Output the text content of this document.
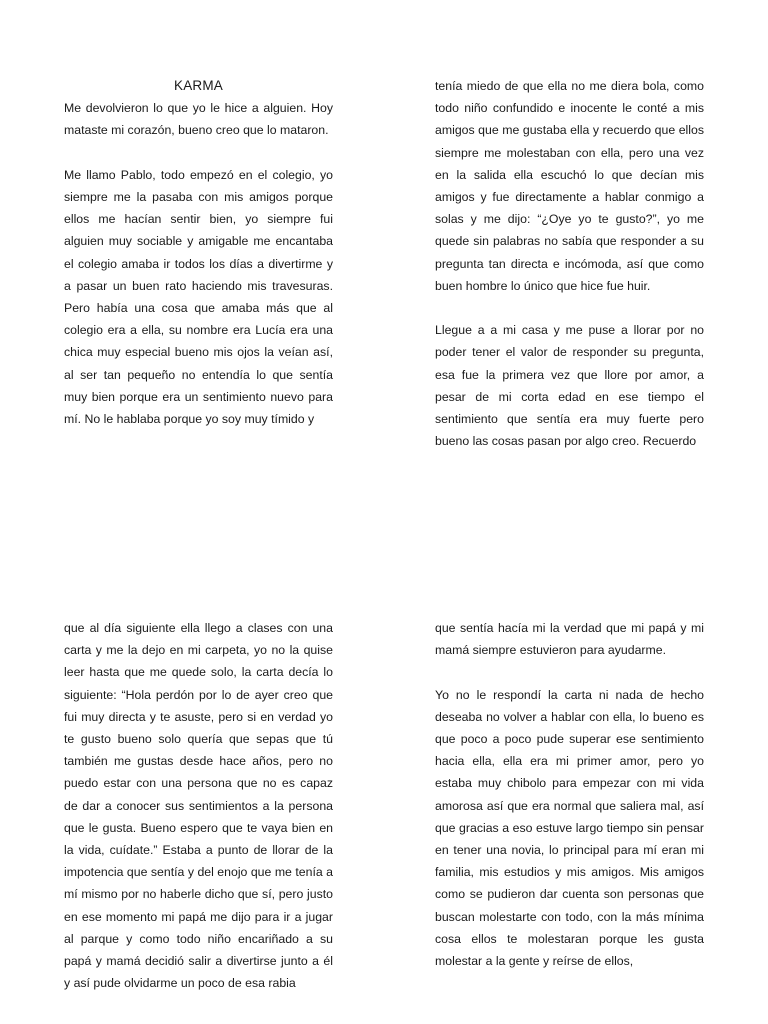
KARMA

Me devolvieron lo que yo le hice a alguien. Hoy mataste mi corazón, bueno creo que lo mataron.

Me llamo Pablo, todo empezó en el colegio, yo siempre me la pasaba con mis amigos porque ellos me hacían sentir bien, yo siempre fui alguien muy sociable y amigable me encantaba el colegio amaba ir todos los días a divertirme y a pasar un buen rato haciendo mis travesuras. Pero había una cosa que amaba más que al colegio era a ella, su nombre era Lucía era una chica muy especial bueno mis ojos la veían así, al ser tan pequeño no entendía lo que sentía muy bien porque era un sentimiento nuevo para mí. No le hablaba porque yo soy muy tímido y

tenía miedo de que ella no me diera bola, como todo niño confundido e inocente le conté a mis amigos que me gustaba ella y recuerdo que ellos siempre me molestaban con ella, pero una vez en la salida ella escuchó lo que decían mis amigos y fue directamente a hablar conmigo a solas y me dijo: “¿Oye yo te gusto?”, yo me quede sin palabras no sabía que responder a su pregunta tan directa e incómoda, así que como buen hombre lo único que hice fue huir.

Llegue a a mi casa y me puse a llorar por no poder tener el valor de responder su pregunta, esa fue la primera vez que llore por amor, a pesar de mi corta edad en ese tiempo el sentimiento que sentía era muy fuerte pero bueno las cosas pasan por algo creo. Recuerdo

que al día siguiente ella llego a clases con una carta y me la dejo en mi carpeta, yo no la quise leer hasta que me quede solo, la carta decía lo siguiente: “Hola perdón por lo de ayer creo que fui muy directa y te asuste, pero si en verdad yo te gusto bueno solo quería que sepas que tú también me gustas desde hace años, pero no puedo estar con una persona que no es capaz de dar a conocer sus sentimientos a la persona que le gusta. Bueno espero que te vaya bien en la vida, cuídate.” Estaba a punto de llorar de la impotencia que sentía y del enojo que me tenía a mí mismo por no haberle dicho que sí, pero justo en ese momento mi papá me dijo para ir a jugar al parque y como todo niño encariñado a su papá y mamá decidió salir a divertirse junto a él y así pude olvidarme un poco de esa rabia

que sentía hacía mi la verdad que mi papá y mi mamá siempre estuvieron para ayudarme.

Yo no le respondí la carta ni nada de hecho deseaba no volver a hablar con ella, lo bueno es que poco a poco pude superar ese sentimiento hacia ella, ella era mi primer amor, pero yo estaba muy chibolo para empezar con mi vida amorosa así que era normal que saliera mal, así que gracias a eso estuve largo tiempo sin pensar en tener una novia, lo principal para mí eran mi familia, mis estudios y mis amigos. Mis amigos como se pudieron dar cuenta son personas que buscan molestarte con todo, con la más mínima cosa ellos te molestaran porque les gusta molestar a la gente y reírse de ellos,
